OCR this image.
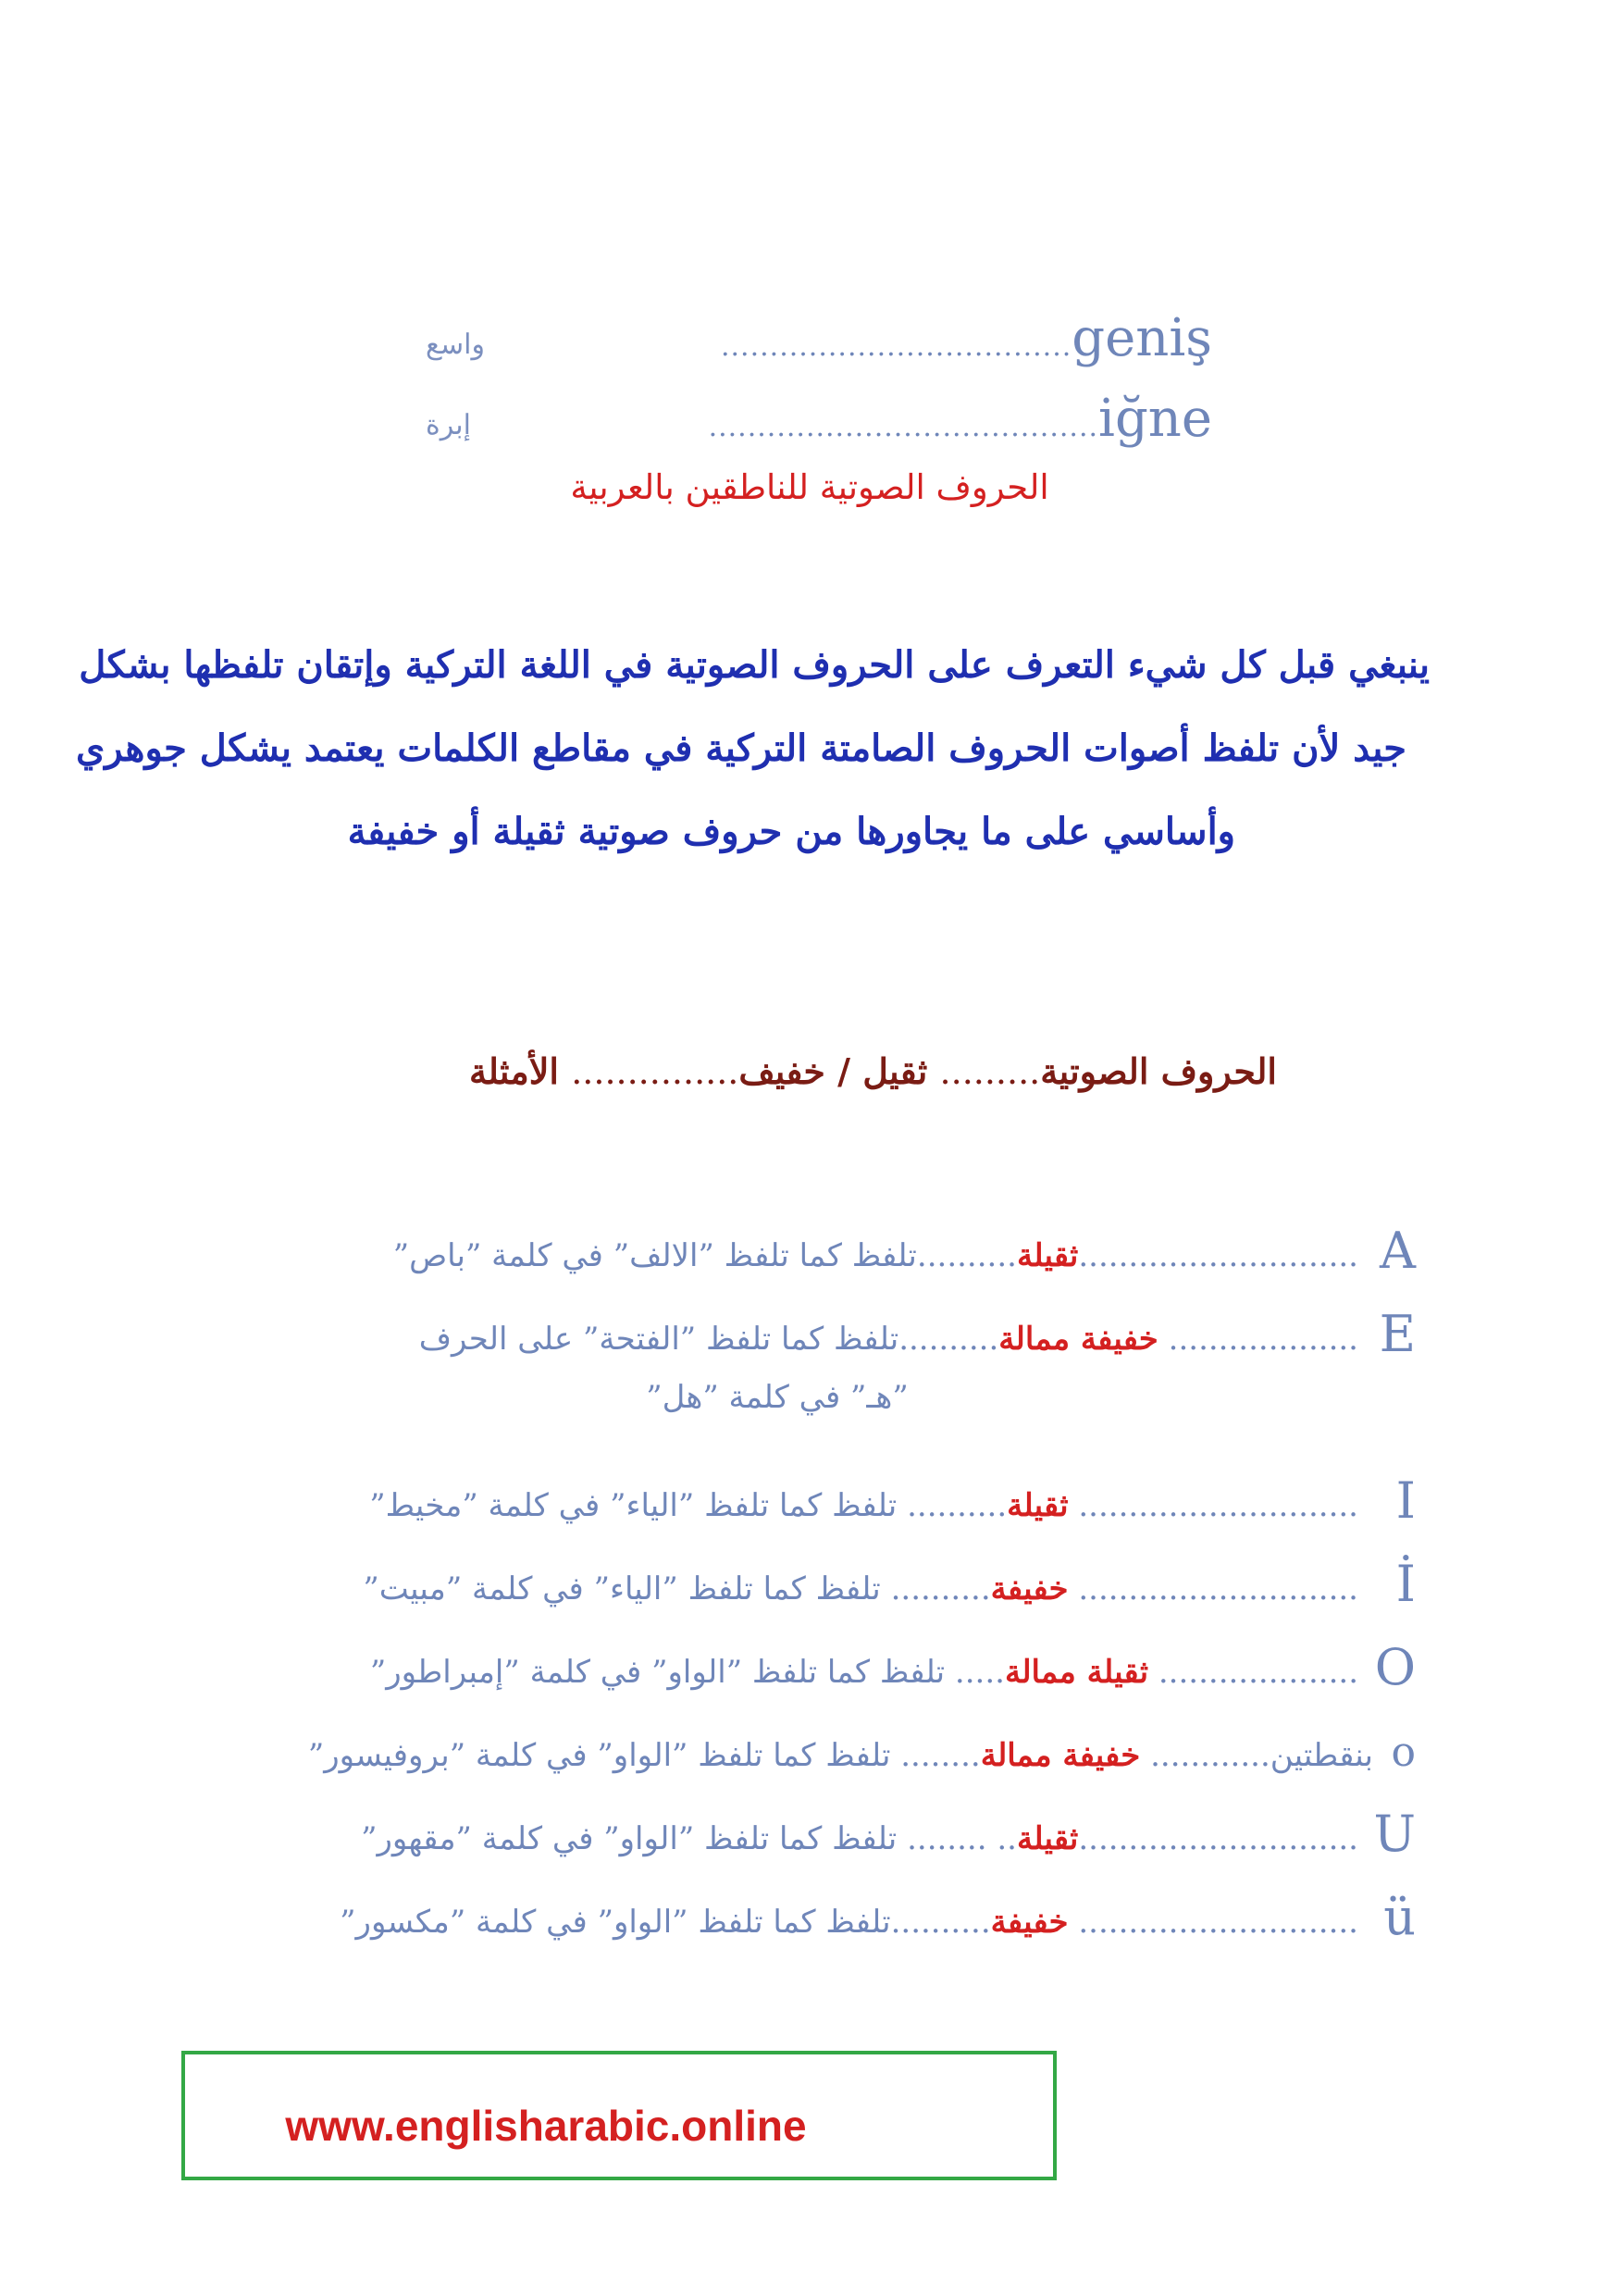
واسع	....................................geniş
إبرة	........................................iğne
الحروف الصوتية للناطقين بالعربية
ينبغي قبل كل شيء التعرف على الحروف الصوتية في اللغة التركية وإتقان تلفظها بشكل
جيد لأن تلفظ أصوات الحروف الصامتة التركية في مقاطع الكلمات يعتمد يشكل جوهري
وأساسي على ما يجاورها من حروف صوتية ثقيلة أو خفيفة
الحروف الصوتية......... ثقيل / خفيف............... الأمثلة
A
............................ثقيلة..........تلفظ كما تلفظ ”الالف” في كلمة ”باص”
E
................... خفيفة ممالة..........تلفظ كما تلفظ ”الفتحة” على الحرف
”هـ” في كلمة ”هل”
I
............................ ثقيلة.......... تلفظ كما تلفظ ”الياء” في كلمة ”مخيط”
İ
............................ خفيفة.......... تلفظ كما تلفظ ”الياء” في كلمة ”مبيت”
O
.................... ثقيلة ممالة..... تلفظ كما تلفظ ”الواو” في كلمة ”إمبراطور”
o
بنقطتين............ خفيفة ممالة........ تلفظ كما تلفظ ”الواو” في كلمة ”بروفيسور”
U
............................ثقيلة.. ........ تلفظ كما تلفظ ”الواو” في كلمة ”مقهور”
ü
............................ خفيفة..........تلفظ كما تلفظ ”الواو” في كلمة ”مكسور”
www.englisharabic.online
